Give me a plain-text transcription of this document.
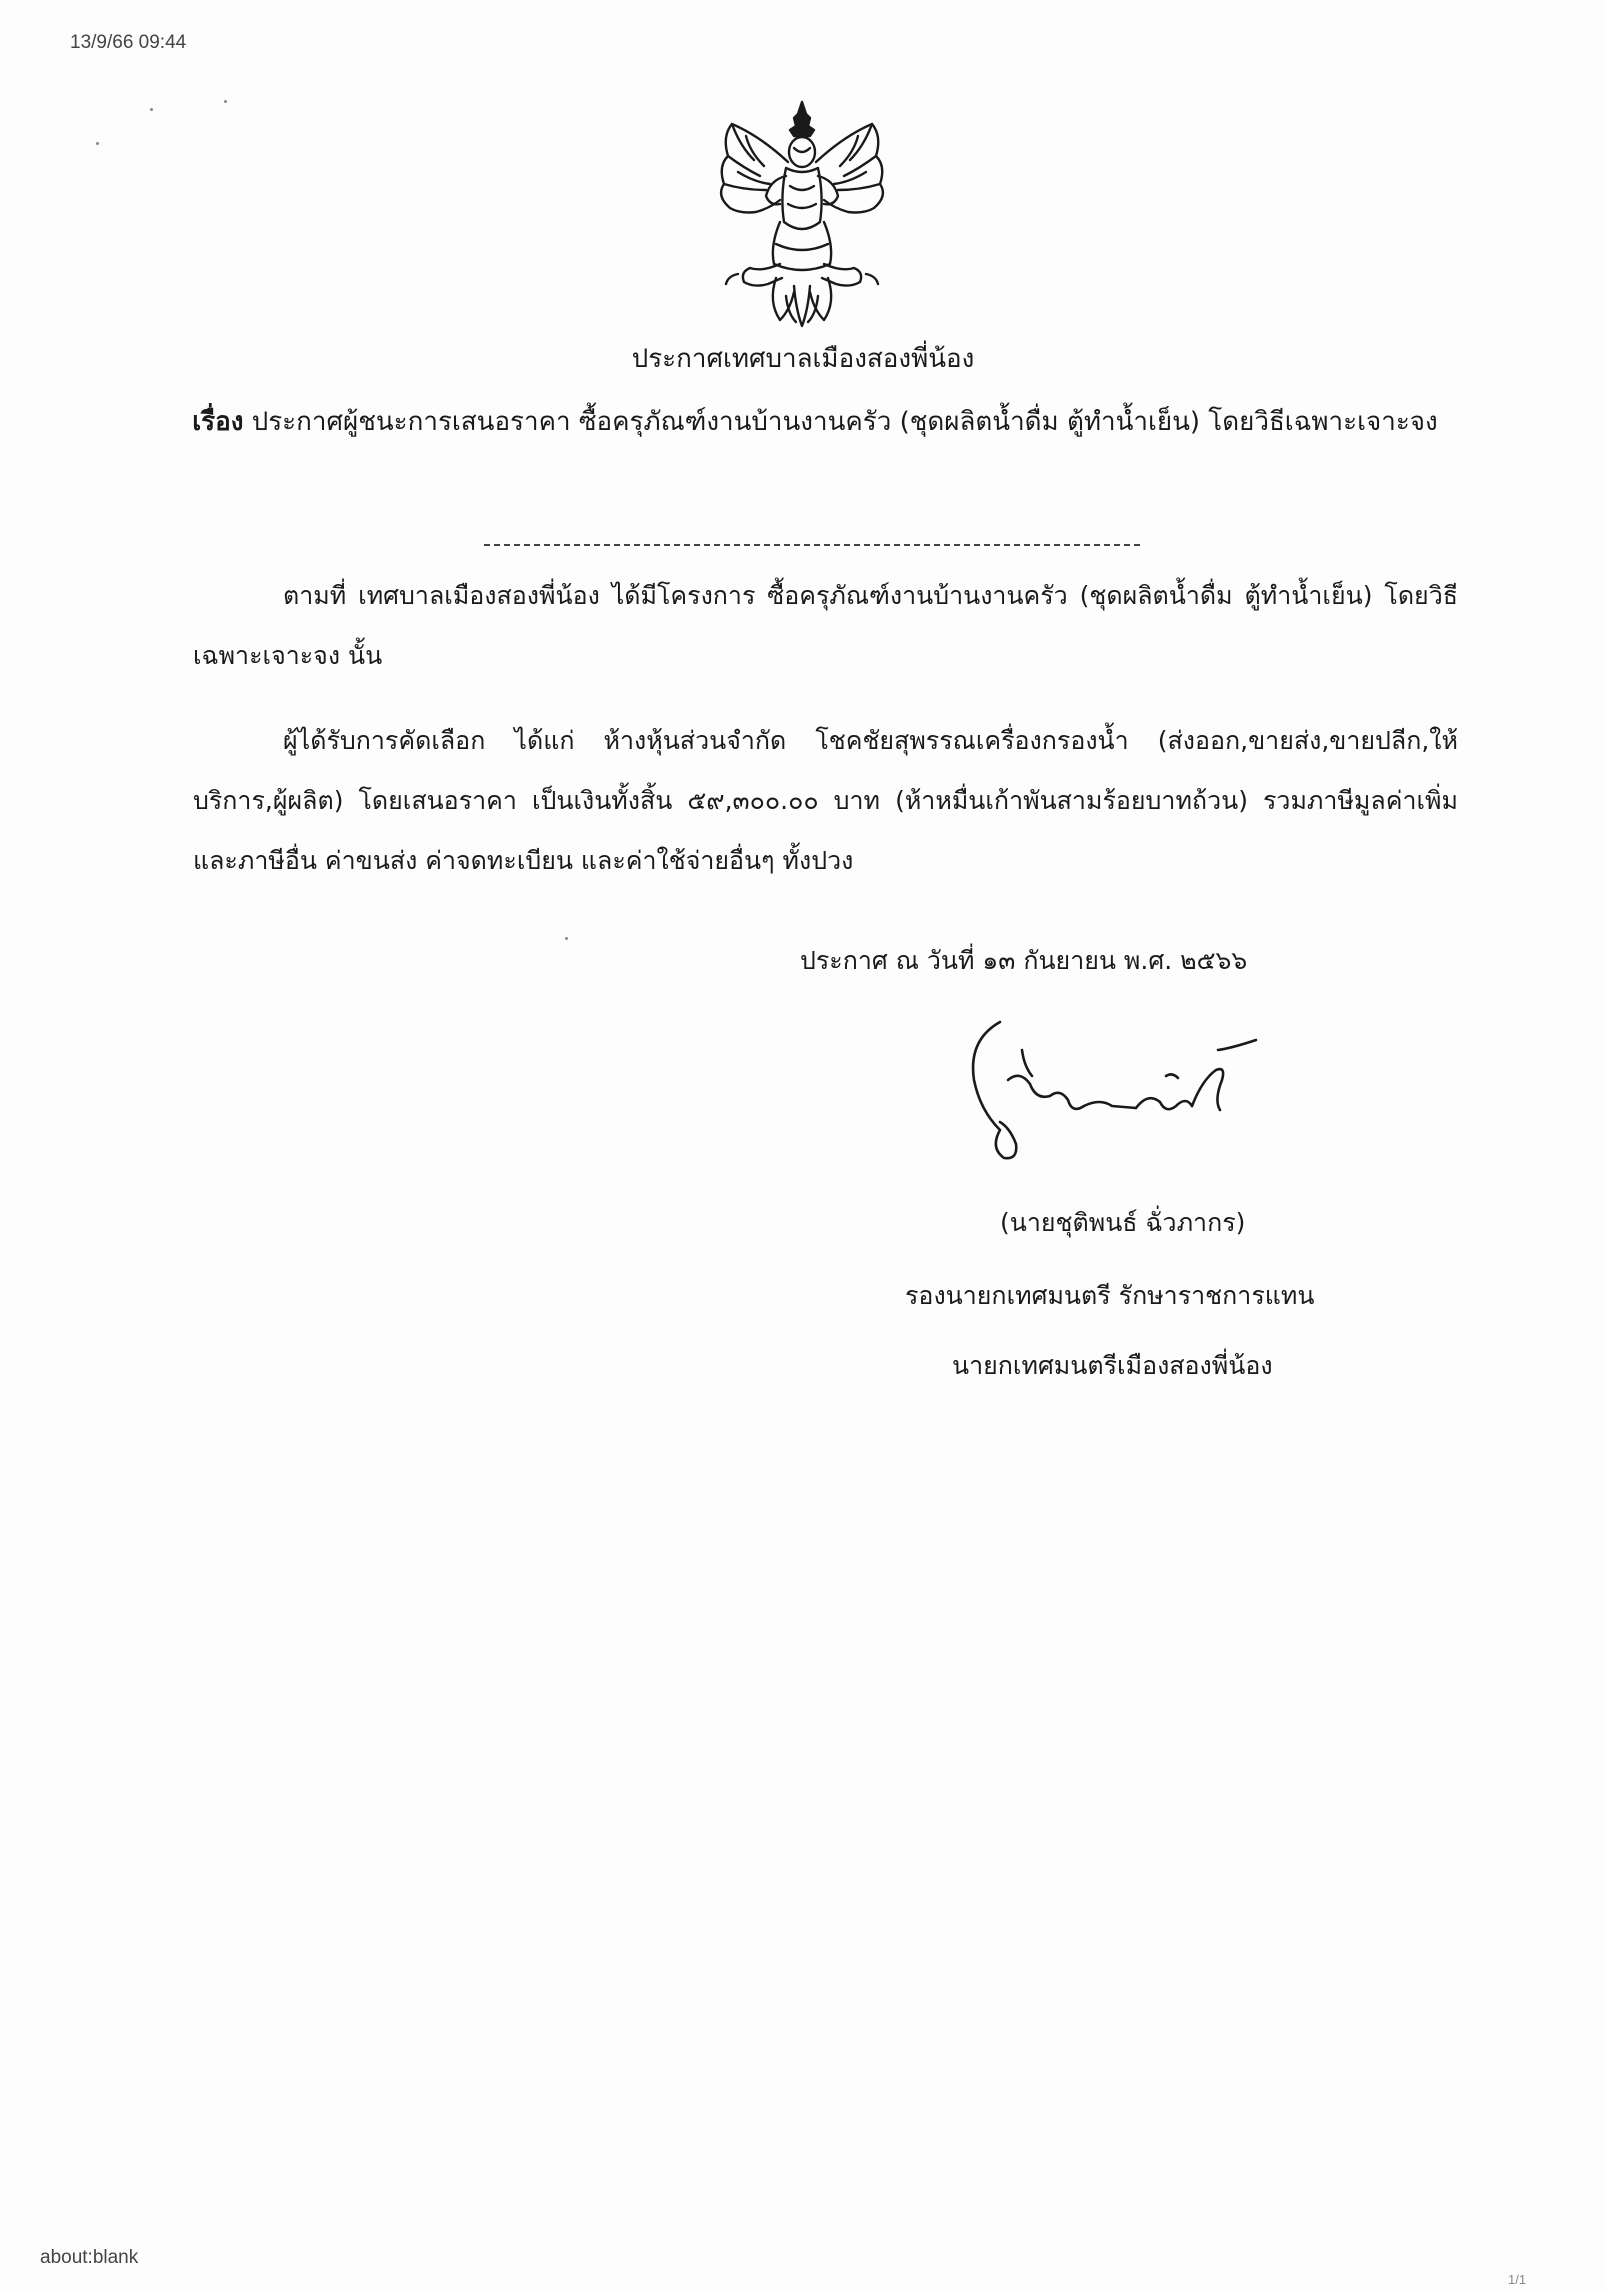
13/9/66 09:44
ประกาศเทศบาลเมืองสองพี่น้อง
เรื่อง ประกาศผู้ชนะการเสนอราคา ซื้อครุภัณฑ์งานบ้านงานครัว (ชุดผลิตน้ำดื่ม ตู้ทำน้ำเย็น) โดยวิธีเฉพาะเจาะจง
ตามที่ เทศบาลเมืองสองพี่น้อง ได้มีโครงการ ซื้อครุภัณฑ์งานบ้านงานครัว (ชุดผลิตน้ำดื่ม ตู้ทำน้ำเย็น) โดยวิธีเฉพาะเจาะจง นั้น
ผู้ได้รับการคัดเลือก ได้แก่ ห้างหุ้นส่วนจำกัด โชคชัยสุพรรณเครื่องกรองน้ำ (ส่งออก,ขายส่ง,ขายปลีก,ให้บริการ,ผู้ผลิต) โดยเสนอราคา เป็นเงินทั้งสิ้น ๕๙,๓๐๐.๐๐ บาท (ห้าหมื่นเก้าพันสามร้อยบาทถ้วน) รวมภาษีมูลค่าเพิ่มและภาษีอื่น ค่าขนส่ง ค่าจดทะเบียน และค่าใช้จ่ายอื่นๆ ทั้งปวง
ประกาศ ณ วันที่ ๑๓ กันยายน พ.ศ. ๒๕๖๖
(นายชุติพนธ์ ฉั่วภากร)
รองนายกเทศมนตรี รักษาราชการแทน
นายกเทศมนตรีเมืองสองพี่น้อง
about:blank
1/1
